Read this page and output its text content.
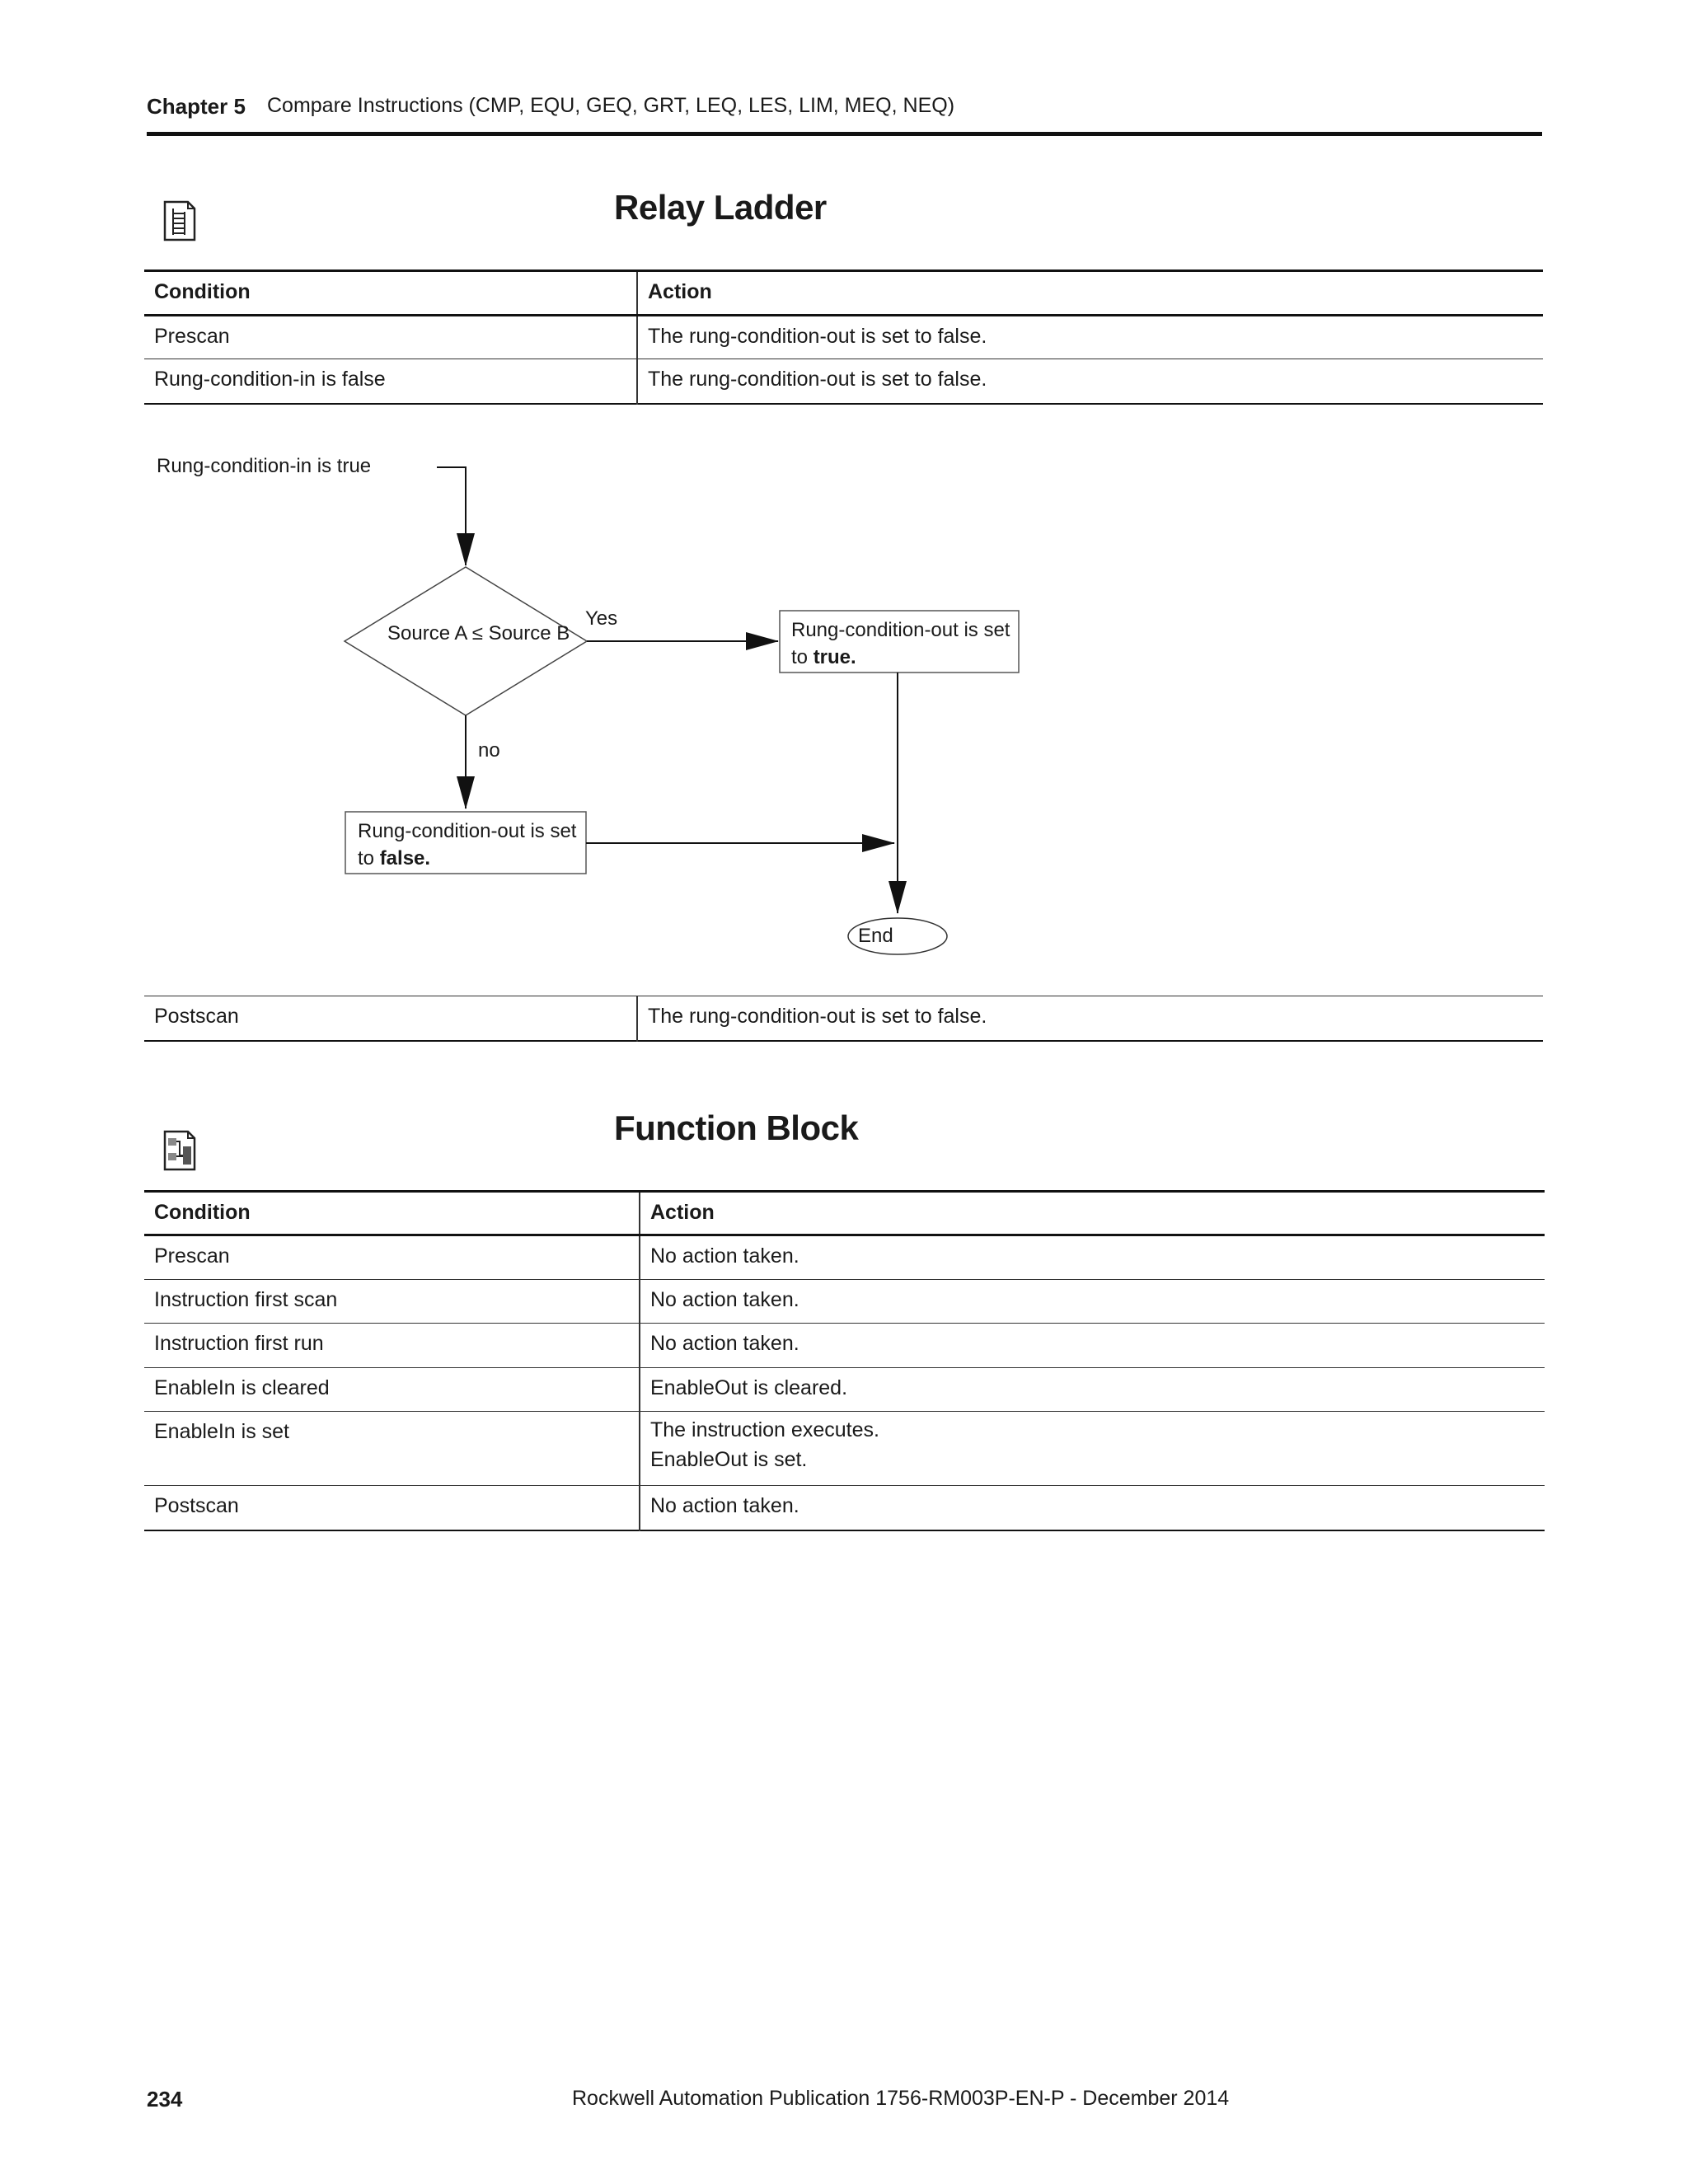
Chapter 5 Compare Instructions (CMP, EQU, GEQ, GRT, LEQ, LES, LIM, MEQ, NEQ)
Relay Ladder
Condition	Action
Prescan	The rung-condition-out is set to false.
Rung-condition-in is false	The rung-condition-out is set to false.
Rung-condition-in is true
Source A ≤ Source B
Yes
no
Rung-condition-out is set
to true.
Rung-condition-out is set
to false.
End
Postscan	The rung-condition-out is set to false.
Function Block
Condition	Action
Prescan	No action taken.
Instruction first scan	No action taken.
Instruction first run	No action taken.
EnableIn is cleared	EnableOut is cleared.
EnableIn is set	The instruction executes.
EnableOut is set.

Postscan	No action taken.
234	Rockwell Automation Publication 1756-RM003P-EN-P - December 2014
